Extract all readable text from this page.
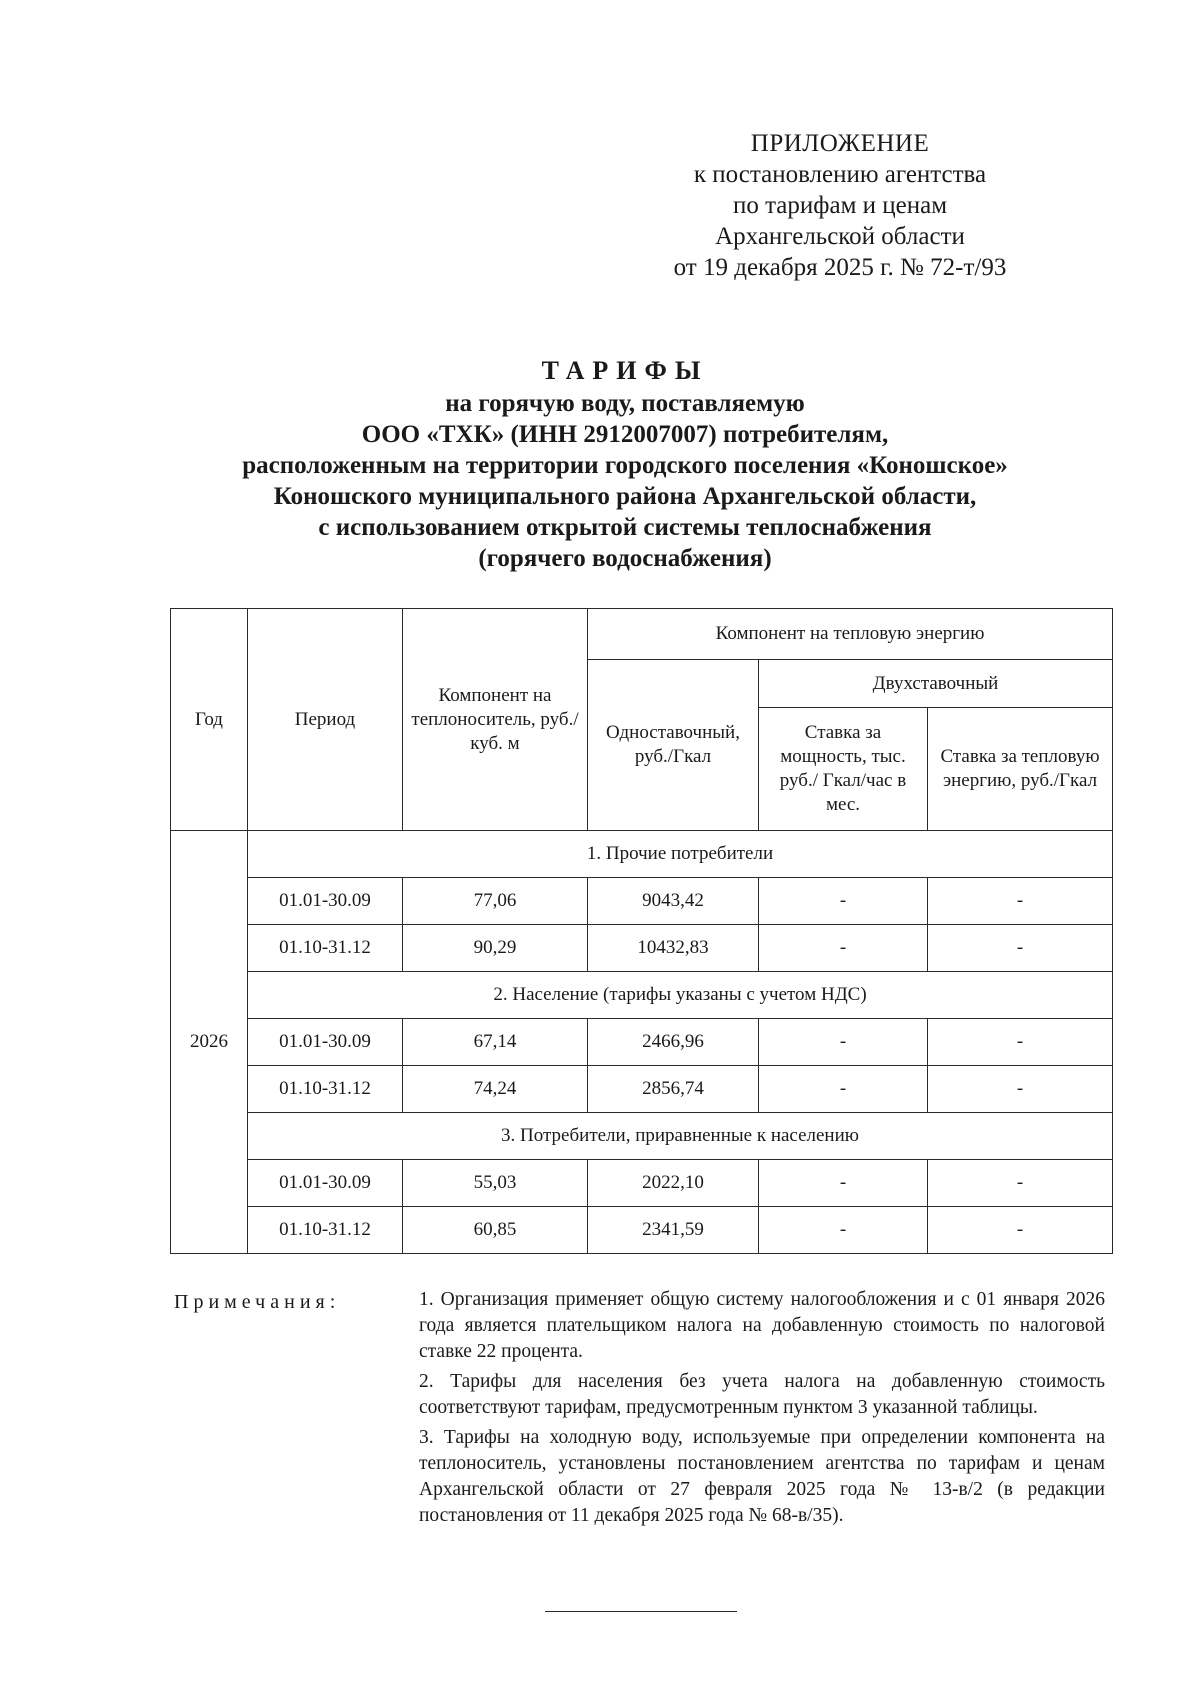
ПРИЛОЖЕНИЕ
к постановлению агентства
по тарифам и ценам
Архангельской области
от 19 декабря 2025 г. № 72-т/93
ТАРИФЫ
на горячую воду, поставляемую
ООО «ТХК» (ИНН 2912007007) потребителям,
расположенным на территории городского поселения «Коношское»
Коношского муниципального района Архангельской области,
с использованием открытой системы теплоснабжения
(горячего водоснабжения)
Год	Период	Компонент на теплоноситель, руб./куб. м	Компонент на тепловую энергию		
			Одноставочный, руб./Гкал	Двухставочный	
				Ставка за мощность, тыс. руб./ Гкал/час в мес.	Ставка за тепловую энергию, руб./Гкал
2026	1. Прочие потребители				
	01.01-30.09	77,06	9043,42	-	-
	01.10-31.12	90,29	10432,83	-	-
	2. Население (тарифы указаны с учетом НДС)				
	01.01-30.09	67,14	2466,96	-	-
	01.10-31.12	74,24	2856,74	-	-
	3. Потребители, приравненные к населению				
	01.01-30.09	55,03	2022,10	-	-
	01.10-31.12	60,85	2341,59	-	-
Примечания:	1. Организация применяет общую систему налогообложения и с 01 января 2026 года является плательщиком налога на добавленную стоимость по налоговой ставке 22 процента.

2. Тарифы для населения без учета налога на добавленную стоимость соответствуют тарифам, предусмотренным пунктом 3 указанной таблицы.

3. Тарифы на холодную воду, используемые при определении компонента на теплоноситель, установлены постановлением агентства по тарифам и ценам Архангельской области от 27 февраля 2025 года № 13-в/2 (в редакции постановления от 11 декабря 2025 года № 68-в/35).
